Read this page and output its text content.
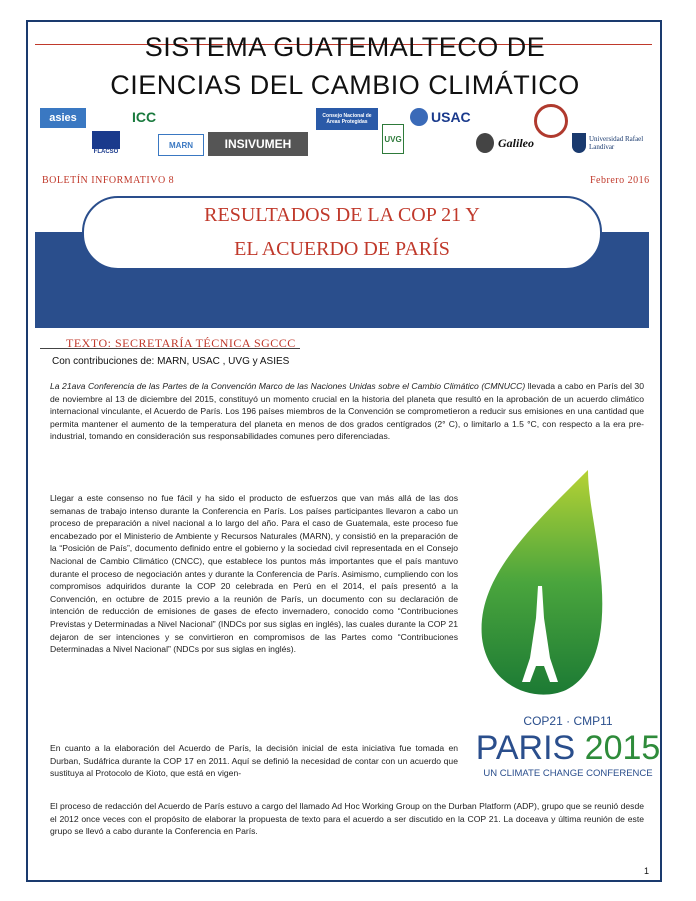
SISTEMA GUATEMALTECO DE
CIENCIAS DEL CAMBIO CLIMÁTICO
asies	ICC
FLACSO
MARN	INSIVUMEH
Consejo Nacional de Áreas Protegidas
UVG
USAC
Galileo	Universidad Rafael Landívar
BOLETÍN INFORMATIVO 8	Febrero 2016
RESULTADOS DE LA COP 21 Y
EL ACUERDO DE PARÍS
TEXTO: SECRETARÍA TÉCNICA SGCCC
Con contribuciones de: MARN, USAC , UVG y ASIES

La 21ava Conferencia de las Partes de la Convención Marco de las Naciones Unidas sobre el Cambio Climático (CMNUCC) llevada a cabo en París del 30 de noviembre al 13 de diciembre del 2015, constituyó un momento crucial en la historia del planeta que resultó en la aprobación de un acuerdo climático internacional vinculante, el Acuerdo de París. Los 196 países miembros de la Convención se comprometieron a reducir sus emisiones en una cantidad que permita mantener el aumento de la temperatura del planeta en menos de dos grados centígrados (2° C), o limitarlo a 1.5 °C, con respecto a la era pre-industrial, tomando en consideración sus responsabilidades comunes pero diferenciadas.

Llegar a este consenso no fue fácil y ha sido el producto de esfuerzos que van más allá de las dos semanas de trabajo intenso durante la Conferencia en París. Los países participantes llevaron a cabo un proceso de preparación a nivel nacional a lo largo del año. Para el caso de Guatemala, este proceso fue encabezado por el Ministerio de Ambiente y Recursos Naturales (MARN), y consistió en la preparación de la “Posición de País”, documento definido entre el gobierno y la sociedad civil representada en el Consejo Nacional de Cambio Climático (CNCC), que establece los puntos más importantes que el país mantuvo durante el proceso de negociación antes y durante la Conferencia de París. Asimismo, cumpliendo con los compromisos adquiridos durante la COP 20 celebrada en Perú en el 2014, el país presentó a la Convención, en octubre de 2015 previo a la reunión de París, un documento con su declaración de intención de reducción de emisiones de gases de efecto invernadero, conocido como “Contribuciones Previstas y Determinadas a Nivel Nacional” (INDCs por sus siglas en inglés), las cuales durante la COP 21 dejaron de ser intenciones y se convirtieron en compromisos de las Partes como “Contribuciones Determinadas a Nivel Nacional” (NDCs por sus siglas en inglés).

En cuanto a la elaboración del Acuerdo de París, la decisión inicial de esta iniciativa fue tomada en Durban, Sudáfrica durante la COP 17 en 2011. Aquí se definió la necesidad de contar con un acuerdo que sustituya al Protocolo de Kioto, que está en vigen-

El proceso de redacción del Acuerdo de París estuvo a cargo del llamado Ad Hoc Working Group on the Durban Platform (ADP), grupo que se reunió desde el 2012 once veces con el propósito de elaborar la propuesta de texto para el acuerdo a ser discutido en la COP 21. La doceava y última reunión de este grupo se llevó a cabo durante la Conferencia en París.

COP21 · CMP11
PARIS 2015
UN CLIMATE CHANGE CONFERENCE
1
